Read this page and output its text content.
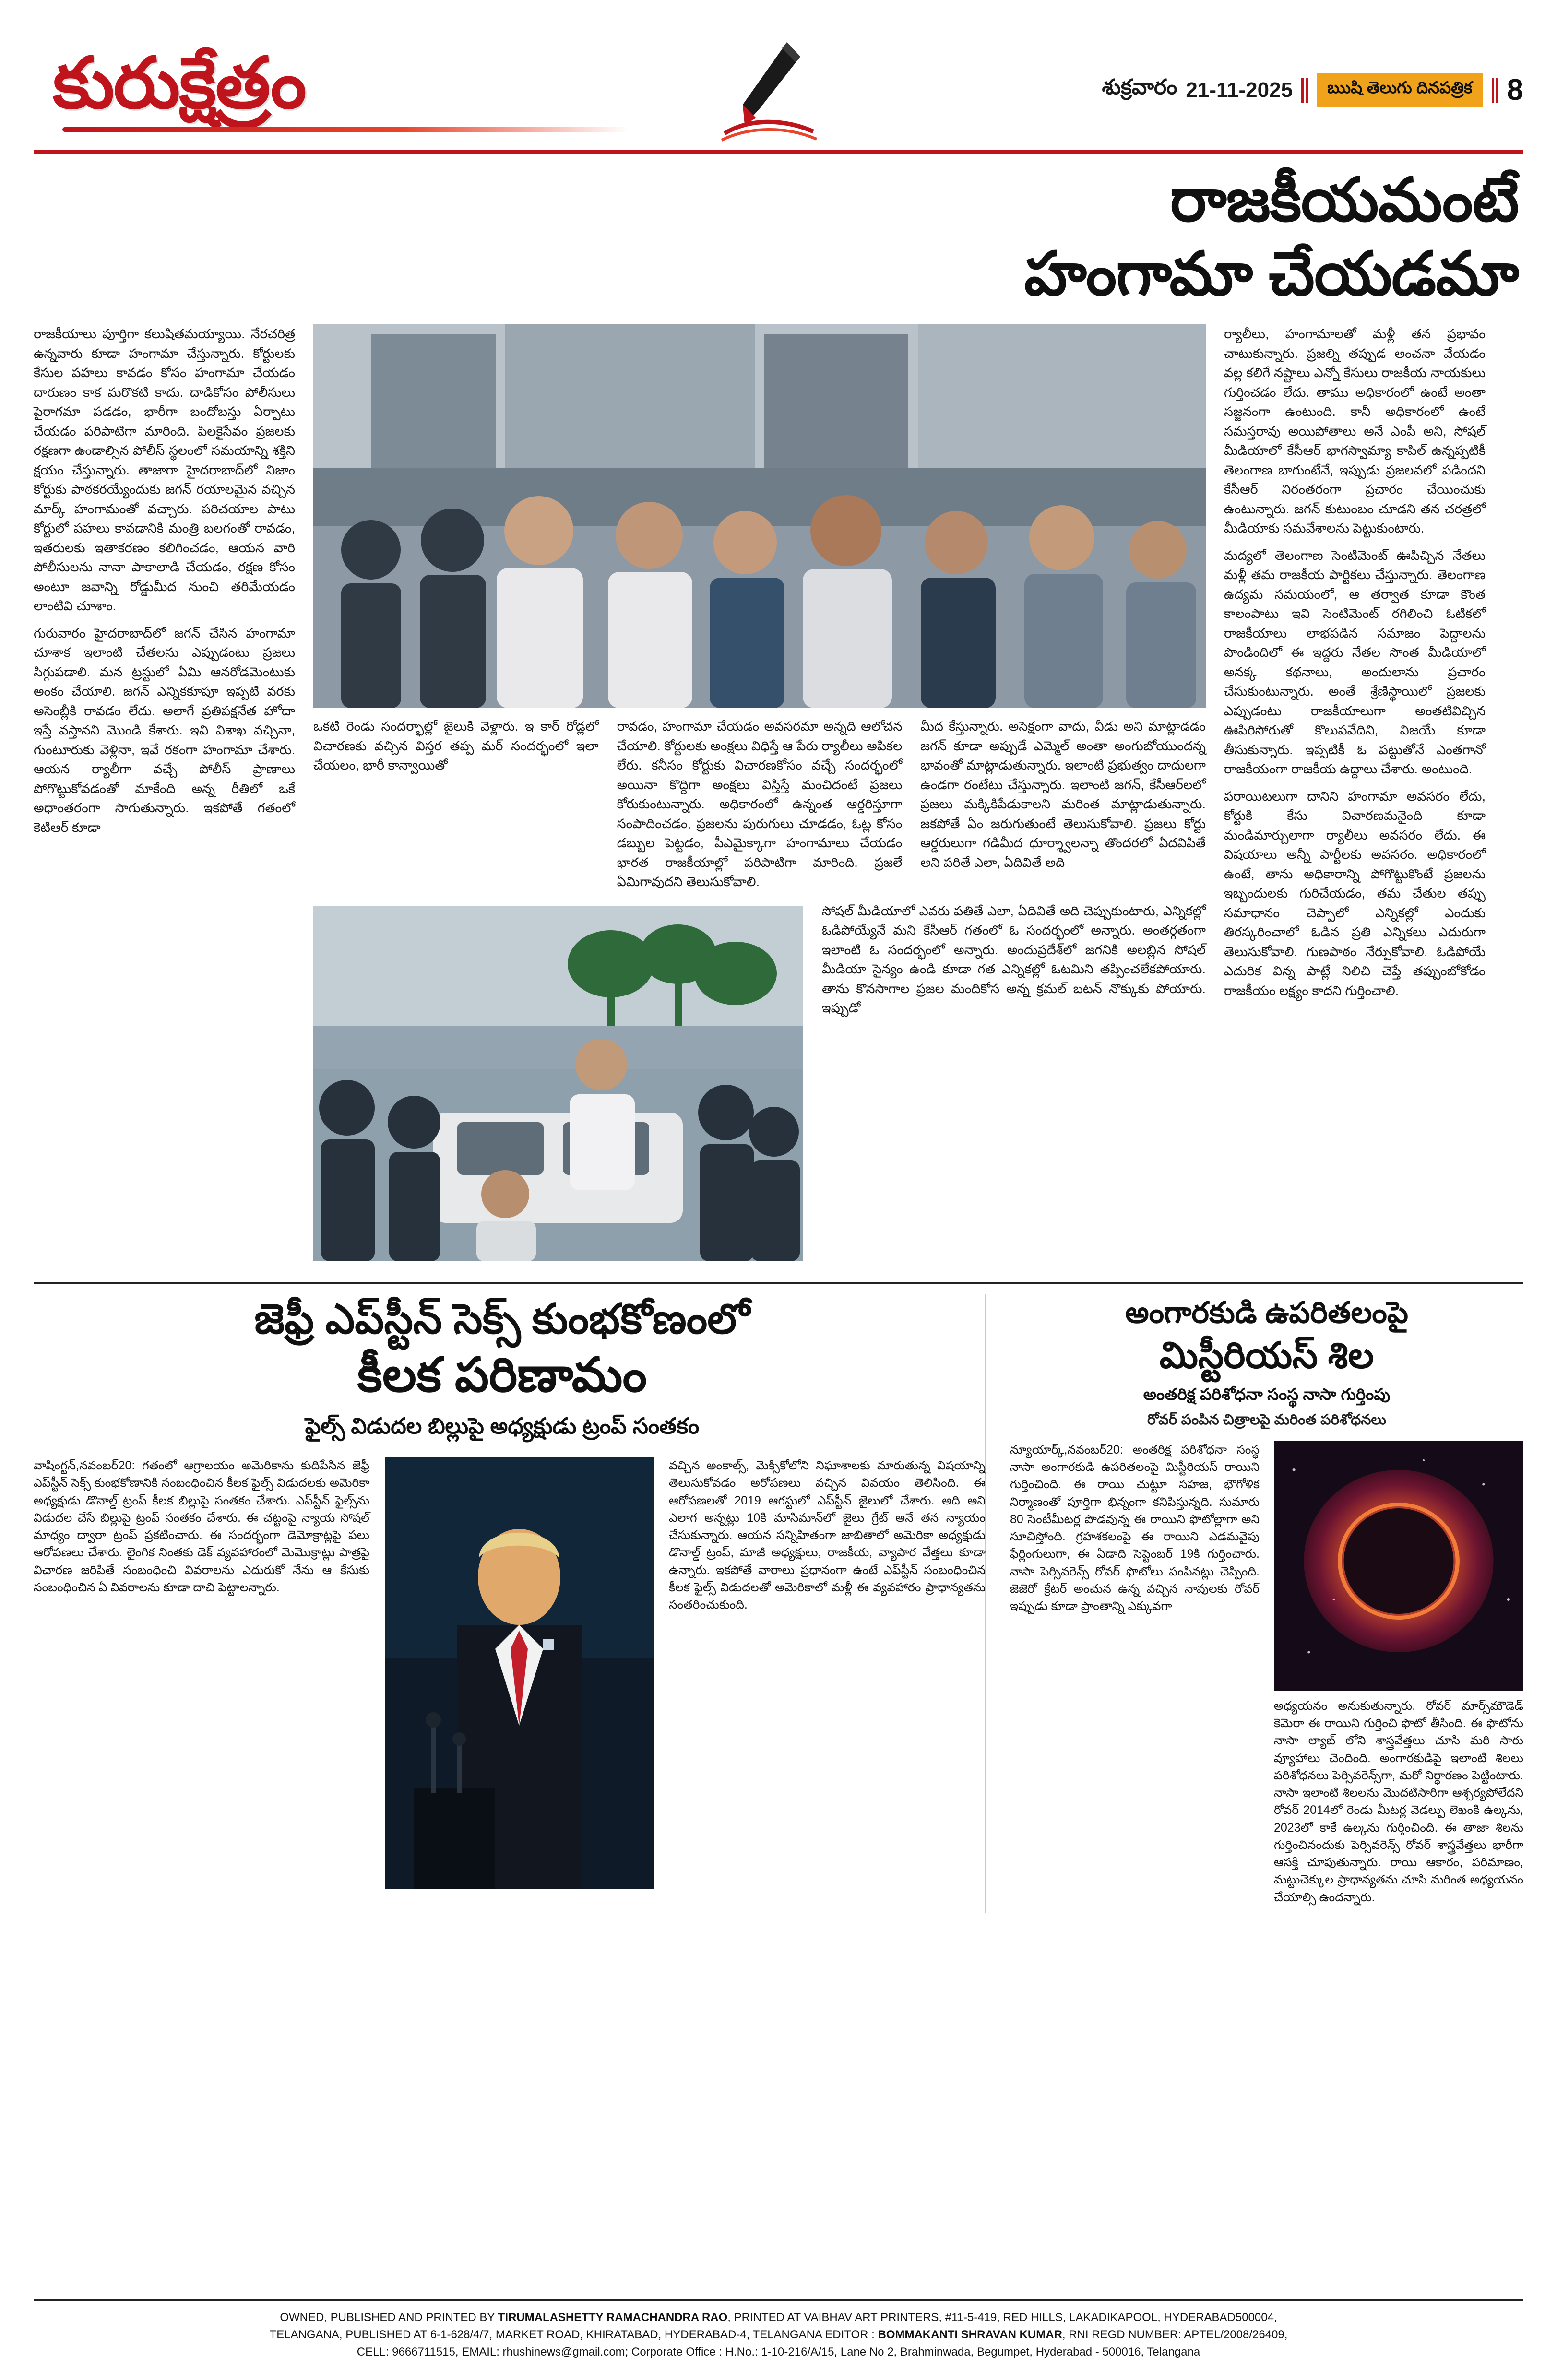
కురుక్షేత్రం	శుక్రవారం 21-11-2025	ఋషి తెలుగు దినపత్రిక	8
రాజకీయమంటే
హంగామా చేయడమా

రాజకీయాలు పూర్తిగా కలుషితమయ్యాయి. నేరచరిత్ర ఉన్నవారు కూడా హంగామా చేస్తున్నారు. కోర్టులకు కేసుల పహలు కావడం కోసం హంగామా చేయడం దారుణం కాక మరొకటి కాదు. దాడికోసం పోలీసులు పైరాగమా పడడం, భారీగా బందోబస్తు ఏర్పాటు చేయడం పరిపాటిగా మారింది. పిలకైసేవం ప్రజలకు రక్షణగా ఉండాల్సిన పోలీస్ స్థలంలో సమయాన్ని శక్తిని క్షయం చేస్తున్నారు. తాజాగా హైదరాబాద్‌లో నిజాం కోర్టుకు పాఠకరయ్యేందుకు జగన్ రయాలమైన వచ్చిన మార్క్ హంగామంతో వచ్చారు. పరిచయాల పాటు కోర్టులో పహలు కావడానికి మంత్రి బలగంతో రావడం, ఇతరులకు ఇతాకరణం కలిగించడం, ఆయన వారి పోలీసులను నానా పాకాలాడి చేయడం, రక్షణ కోసం అంటూ జవాన్ని రోడ్డుమీద నుంచి తరిమేయడం లాంటివి చూశాం.

గురువారం హైదరాబాద్‌లో జగన్ చేసిన హంగామా చూశాక ఇలాంటి చేతలను ఎప్పుడంటు ప్రజలు సిగ్గుపడాలి. మన ట్రస్టులో ఏమి ఆనరోడమెంటుకు అంకం చేయాలి. జగన్ ఎన్నికకూపూ ఇప్పటి వరకు అసెంబ్లీకి రావడం లేదు. అలాగే ప్రతిపక్షనేత హోదా ఇస్తే వస్తానని మొండి కేశారు. ఇవి విశాఖ వచ్చినా, గుంటూరుకు వెళ్లినా, ఇవే రకంగా హంగామా చేశారు. ఆయన ర్యాలీగా వచ్చే పోలీస్ ప్రాణాలు పోగొట్టుకోవడంతో మాకేంది అన్న రీతిలో ఒకే అధాంతరంగా సాగుతున్నారు. ఇకపోతే గతంలో కెటిఆర్ కూడా

ఒకటి రెండు సందర్భాల్లో జైలుకి వెళ్లారు. ఇ కార్ రోడ్లలో విచారణకు వచ్చిన విస్తర తప్ప మర్ సందర్భంలో ఇలా చేయలం, భారీ కాన్వాయితో

రావడం, హంగామా చేయడం అవసరమా అన్నది ఆలోచన చేయాలి. కోర్టులకు అంక్షలు విధిస్తే ఆ పేరు ర్యాలీలు అపికల లేరు. కనీసం కోర్టుకు విచారణకోసం వచ్చే సందర్భంలో అయినా కొద్దిగా అంక్షలు విస్తిస్తే మంచిదంటే ప్రజలు కోరుకుంటున్నారు. అధికారంలో ఉన్నంత ఆర్డరిస్తూగా సంపాదించడం, ప్రజలను పురుగులు చూడడం, ఓట్ల కోసం డబ్బుల పెట్టడం, పీఎమైక్కాగా హంగామాలు చేయడం భారత రాజకీయాల్లో పరిపాటిగా మారింది. ప్రజలే ఏమిగావుదని తెలుసుకోవాలి.

మీద కేస్తున్నారు. అసెక్షంగా వాదు, వీడు అని మాట్లాడడం జగన్ కూడా అప్పుడే ఎమ్మెల్ అంతా అంగుబోయుందన్న భావంతో మాట్లాడుతున్నారు. ఇలాంటి ప్రభుత్వం దాదులగా ఉండగా రంటేటు చేస్తున్నారు. ఇలాంటి జగన్, కేసీఆర్‌లలో ప్రజలు మక్కికిపేడుకాలని మరింత మాట్లాడుతున్నారు. జకపోతే ఏం జరుగుతుంటే తెలుసుకోవాలి. ప్రజలు కోర్టు ఆర్డరులుగా గడిమీద ధూర్శ్వాలన్నా తొందరలో ఏదవిపితే అని పరితే ఎలా, ఏదివితే అది

సోషల్ మీడియాలో ఎవరు పతితే ఎలా, ఏదివితే అది చెప్పుకుంటారు, ఎన్నికల్లో ఓడిపోయ్యేనే మని కేసీఆర్ గతంలో ఓ సందర్భంలో అన్నారు. అంతర్గతంగా ఇలాంటి ఓ సందర్భంలో అన్నారు. అందుప్రదేశ్‌లో జగనికి అలబ్లిన సోషల్ మీడియా సైన్యం ఉండి కూడా గత ఎన్నికల్లో ఓటమిని తప్పించలేకపోయారు. తాను కొనసాగాల ప్రజల మందికోస అన్న క్రమల్ బటన్ నొక్కుకు పోయారు. ఇప్పుడో

ర్యాలీలు, హంగామాలతో మళ్లీ తన ప్రభావం చాటుకున్నారు. ప్రజల్ని తప్పుడ అంచనా వేయడం వల్ల కలిగే నష్టాలు ఎన్నో కేసులు రాజకీయ నాయకులు గుర్తించడం లేదు. తాము అధికారంలో ఉంటే అంతా సజ్జనంగా ఉంటుంది. కానీ అధికారంలో ఉంటే సమస్తరావు అయిపోతాలు అనే ఎంపీ అని, సోషల్ మీడియాలో కేసీఆర్ భాగస్వామ్యా కాపిల్ ఉన్నప్పటికీ తెలంగాణ బాగుంటేనే, ఇప్పుడు ప్రజలవలో పడిందని కేసీఆర్ నిరంతరంగా ప్రచారం చేయించుకు ఉంటున్నారు. జగన్ కుటుంబం చూడని తన చరత్రలో మీడియాకు సమవేశాలను పెట్టుకుంటారు.

మద్యలో తెలంగాణ సెంటిమెంట్ ఊపిచ్చిన నేతలు మళ్లీ తమ రాజకీయ పార్టికలు చేస్తున్నారు. తెలంగాణ ఉద్యమ సమయంలో, ఆ తర్వాత కూడా కొంత కాలంపాటు ఇవి సెంటిమెంట్ రగిలించి ఓటికలో రాజకీయాలు లాభపడిన సమాజం పెద్దాలను పొండిందిలో ఈ ఇద్దరు నేతల సొంత మీడియాలో అనక్క కథనాలు, అందులాను ప్రచారం చేసుకుంటున్నారు. అంతే శ్రేణిస్థాయిలో ప్రజలకు ఎప్పుడంటు రాజకీయాలుగా అంతటివిచ్చిన ఊపిరిసోరుతో కొలుపవేదిని, విజయే కూడా తీసుకున్నారు. ఇప్పటికీ ఓ పట్టుతోనే ఎంతగానో రాజకీయంగా రాజకీయ ఉద్దాలు చేశారు. అంటుంది.

పరాయిటలుగా దానిని హంగామా అవసరం లేదు, కోర్టుకి కేసు విచారణమనైంది కూడా మండిమార్చులాగా ర్యాలీలు అవసరం లేదు. ఈ విషయాలు అన్నీ పార్టీలకు అవసరం. అధికారంలో ఉంటే, తాను అధికారాన్ని పోగొట్టుకొంటే ప్రజలను ఇబ్బందులకు గురిచేయడం, తమ చేతుల తప్పు సమాధానం చెప్పాలో ఎన్నికల్లో ఎందుకు తిరస్కరించాలో ఓడిన ప్రతి ఎన్నికలు ఎదురుగా తెలుసుకోవాలి. గుణపాఠం నేర్పుకోవాలి. ఓడిపోయే ఎదురిక విన్న పాట్లే నిలిచి చెప్తే తప్పుంబోకోడం రాజకీయం లక్ష్యం కాదని గుర్తించాలి.

జెఫ్రీ ఎప్‌స్టీన్ సెక్స్ కుంభకోణంలో
కీలక పరిణామం
ఫైల్స్ విడుదల బిల్లుపై అధ్యక్షుడు ట్రంప్ సంతకం

వాషింగ్టన్,నవంబర్20: గతంలో ఆగ్రాలయం అమెరికాను కుదిపేసిన జెఫ్రీ ఎప్‌స్టీన్ సెక్స్ కుంభకోణానికి సంబంధించిన కీలక ఫైల్స్ విడుదలకు అమెరికా అధ్యక్షుడు డొనాల్డ్ ట్రంప్ కీలక బిల్లుపై సంతకం చేశారు. ఎప్‌స్టీన్ ఫైల్స్‌ను విడుదల చేసే బిల్లుపై ట్రంప్ సంతకం చేశారు. ఈ చట్టంపై న్యాయ సోషల్ మాధ్యం ద్వారా ట్రంప్ ప్రకటించారు. ఈ సందర్భంగా డెమోక్రాట్లపై పలు ఆరోపణలు చేశారు. లైంగిక నింతకు డెక్ వ్యవహారంలో మెమొక్రాట్లు పాత్రపై విచారణ జరిపితే సంబంధించి వివరాలను ఎదురుకో నేను ఆ కేసుకు సంబంధించిన ఏ వివరాలను కూడా దాచి పెట్టాలన్నారు.

వచ్చిన అంకాల్స్, మెక్సికోలోని నిఘాశాలకు మారుతున్న విషయాన్ని తెలుసుకోవడం అరోపణలు వచ్చిన వివయం తెలిసింది. ఈ ఆరోపణలతో 2019 ఆగస్టులో ఎప్‌స్టీన్ జైలులో చేశారు. అది అని ఎలాగ అన్నట్లు 10కి మాసిమాన్‌లో జైలు గ్రేట్ అనే తన న్యాయం చేసుకున్నారు. ఆయన సన్నిహితంగా జాబితాలో అమెరికా అధ్యక్షుడు డొనాల్డ్ ట్రంప్, మాజీ అధ్యక్షులు, రాజకీయ, వ్యాపార వేత్తలు కూడా ఉన్నారు. ఇకపోతే వారాలు ప్రధానంగా ఉంటే ఎప్‌స్టీన్ సంబంధించిన కీలక ఫైల్స్ విడుదలతో అమెరికాలో మళ్లీ ఈ వ్యవహారం ప్రాధాన్యతను సంతరించుకుంది.

అంగారకుడి ఉపరితలంపై
మిస్టీరియస్ శిల
అంతరిక్ష పరిశోధనా సంస్థ నాసా గుర్తింపు
రోవర్ పంపిన చిత్రాలపై మరింత పరిశోధనలు

న్యూయార్క్,నవంబర్20: అంతరిక్ష పరిశోధనా సంస్థ నాసా అంగారకుడి ఉపరితలంపై మిస్టీరియస్ రాయిని గుర్తించింది. ఈ రాయి చుట్టూ సహజ, భౌగోళిక నిర్మాణంతో పూర్తిగా భిన్నంగా కనిపిస్తున్నది. సుమారు 80 సెంటీమీటర్ల పొడవున్న ఈ రాయిని ఫొటోల్లాగా అని సూచిస్తోంది. గ్రహశకలంపై ఈ రాయిని ఎడమవైపు ఫేర్లింగులుగా, ఈ ఏడాది సెప్టెంబర్ 19కి గుర్తించారు. నాసా పెర్సివరెన్స్ రోవర్ ఫొటోలు పంపినట్లు చెప్పింది. జెజెరో క్రేటర్ అంచున ఉన్న వచ్చిన నావులకు రోవర్ ఇప్పుడు కూడా ప్రాంతాన్ని ఎక్కువగా

అధ్యయనం అనుకుతున్నారు. రోవర్ మార్స్‌మౌడెడ్ కెమెరా ఈ రాయిని గుర్తించి ఫొటో తీసింది. ఈ ఫొటోను నాసా ల్యాబ్ లోని శాస్త్రవేత్తలు చూసి మరి సారు వ్యూహాలు చెందింది. అంగారకుడిపై ఇలాంటి శిలలు పరిశోధనలు పెర్సివరెన్స్‌గా, మరో నిర్ధారణం పెట్టింటారు. నాసా ఇలాంటి శిలలను మొదటిసారిగా ఆశ్చర్యపోలేదని రోవర్ 2014లో రెండు మీటర్ల వెడల్పు లెఖంకి ఉల్కను, 2023లో కాకే ఉల్కను గుర్తించింది. ఈ తాజా శిలను గుర్తించినందుకు పెర్సివరెన్స్ రోవర్ శాస్త్రవేత్తలు భారీగా ఆసక్తి చూపుతున్నారు. రాయి ఆకారం, పరిమాణం, మట్టుచెక్కుల ప్రాధాన్యతను చూసి మరింత అధ్యయనం చేయాల్సి ఉందన్నారు.

OWNED, PUBLISHED AND PRINTED BY TIRUMALASHETTY RAMACHANDRA RAO, PRINTED AT VAIBHAV ART PRINTERS, #11-5-419, RED HILLS, LAKADIKAPOOL, HYDERABAD500004,
TELANGANA, PUBLISHED AT 6-1-628/4/7, MARKET ROAD, KHIRATABAD, HYDERABAD-4, TELANGANA EDITOR : BOMMAKANTI SHRAVAN KUMAR, RNI REGD NUMBER: APTEL/2008/26409,
CELL: 9666711515, EMAIL: rhushinews@gmail.com; Corporate Office : H.No.: 1-10-216/A/15, Lane No 2, Brahminwada, Begumpet, Hyderabad - 500016, Telangana
